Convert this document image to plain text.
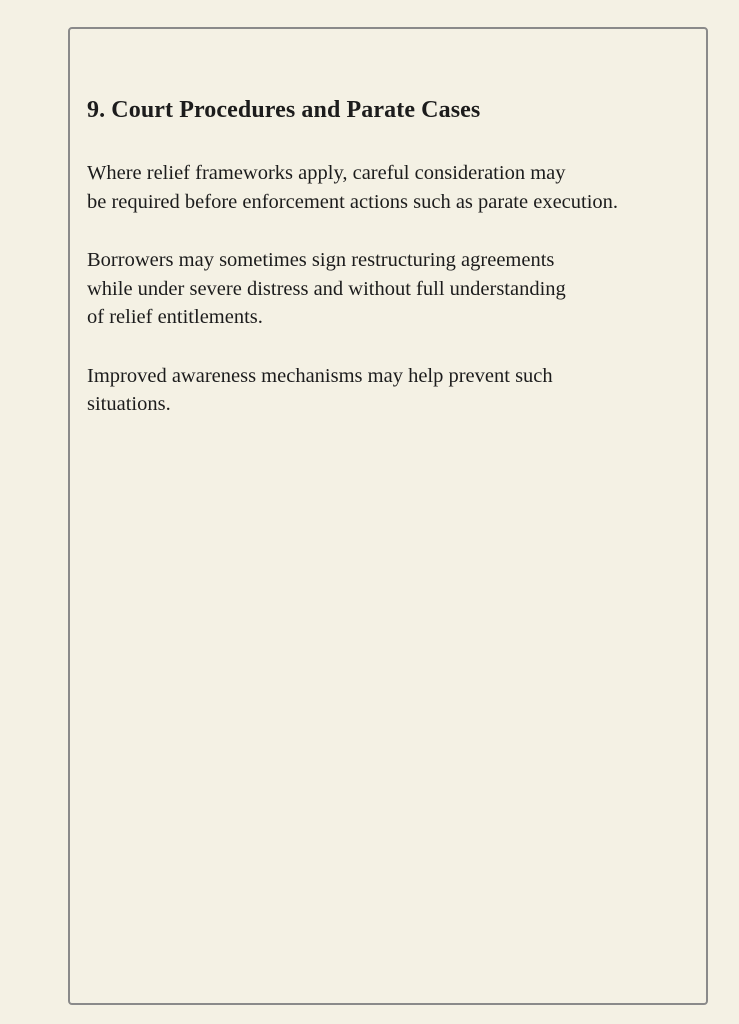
9. Court Procedures and Parate Cases

Where relief frameworks apply, careful consideration may
be required before enforcement actions such as parate execution.

Borrowers may sometimes sign restructuring agreements
while under severe distress and without full understanding
of relief entitlements.

Improved awareness mechanisms may help prevent such
situations.
